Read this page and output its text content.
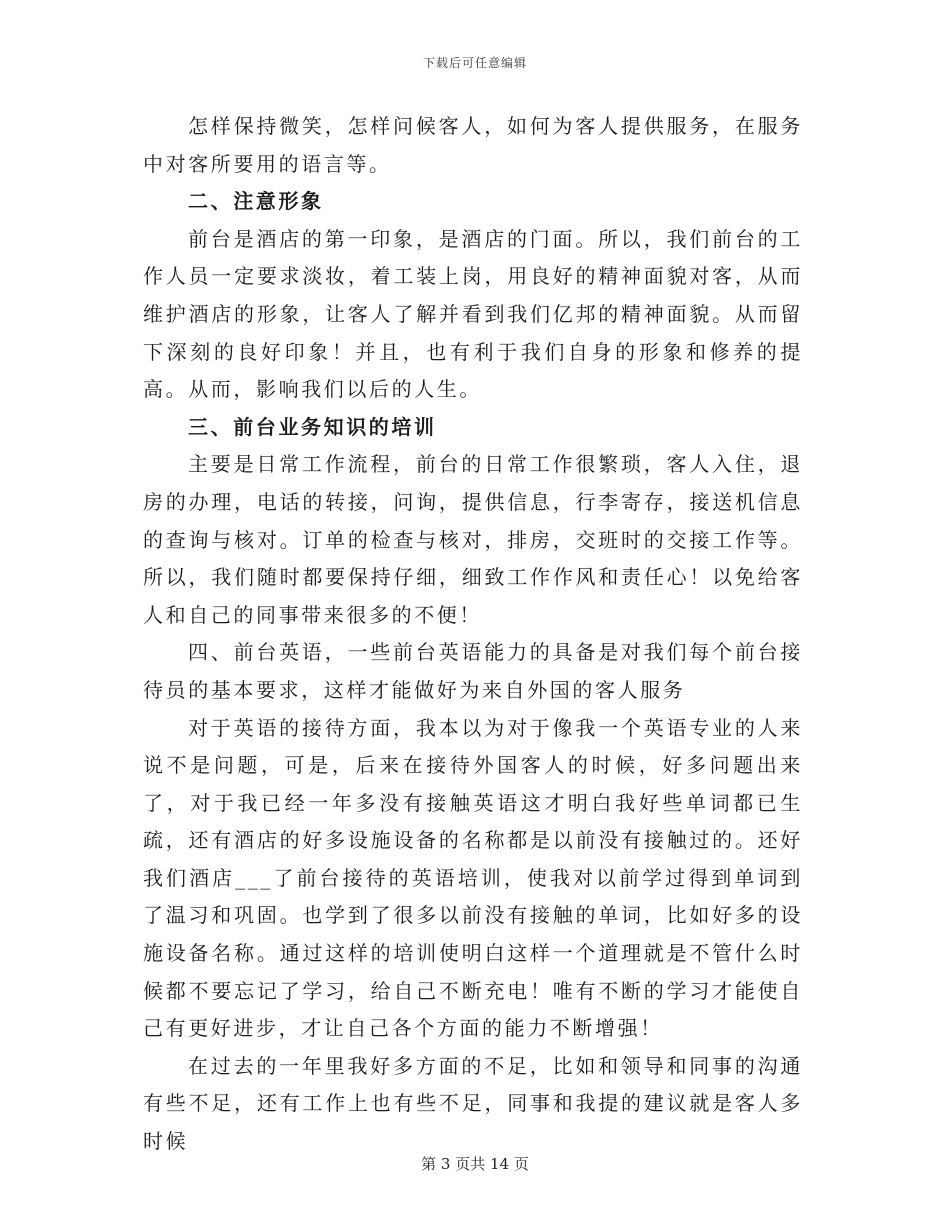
下载后可任意编辑

怎样保持微笑，怎样问候客人，如何为客人提供服务，在服务中对客所要用的语言等。

二、注意形象

前台是酒店的第一印象，是酒店的门面。所以，我们前台的工作人员一定要求淡妆，着工装上岗，用良好的精神面貌对客，从而维护酒店的形象，让客人了解并看到我们亿邦的精神面貌。从而留下深刻的良好印象！并且，也有利于我们自身的形象和修养的提高。从而，影响我们以后的人生。

三、前台业务知识的培训

主要是日常工作流程，前台的日常工作很繁琐，客人入住，退房的办理，电话的转接，问询，提供信息，行李寄存，接送机信息的查询与核对。订单的检查与核对，排房，交班时的交接工作等。所以，我们随时都要保持仔细，细致工作作风和责任心！以免给客人和自己的同事带来很多的不便！

四、前台英语，一些前台英语能力的具备是对我们每个前台接待员的基本要求，这样才能做好为来自外国的客人服务

对于英语的接待方面，我本以为对于像我一个英语专业的人来说不是问题，可是，后来在接待外国客人的时候，好多问题出来了，对于我已经一年多没有接触英语这才明白我好些单词都已生疏，还有酒店的好多设施设备的名称都是以前没有接触过的。还好我们酒店___了前台接待的英语培训，使我对以前学过得到单词到了温习和巩固。也学到了很多以前没有接触的单词，比如好多的设施设备名称。通过这样的培训使明白这样一个道理就是不管什么时候都不要忘记了学习，给自己不断充电！唯有不断的学习才能使自己有更好进步，才让自己各个方面的能力不断增强！

在过去的一年里我好多方面的不足，比如和领导和同事的沟通有些不足，还有工作上也有些不足，同事和我提的建议就是客人多时候

第 3 页共 14 页
